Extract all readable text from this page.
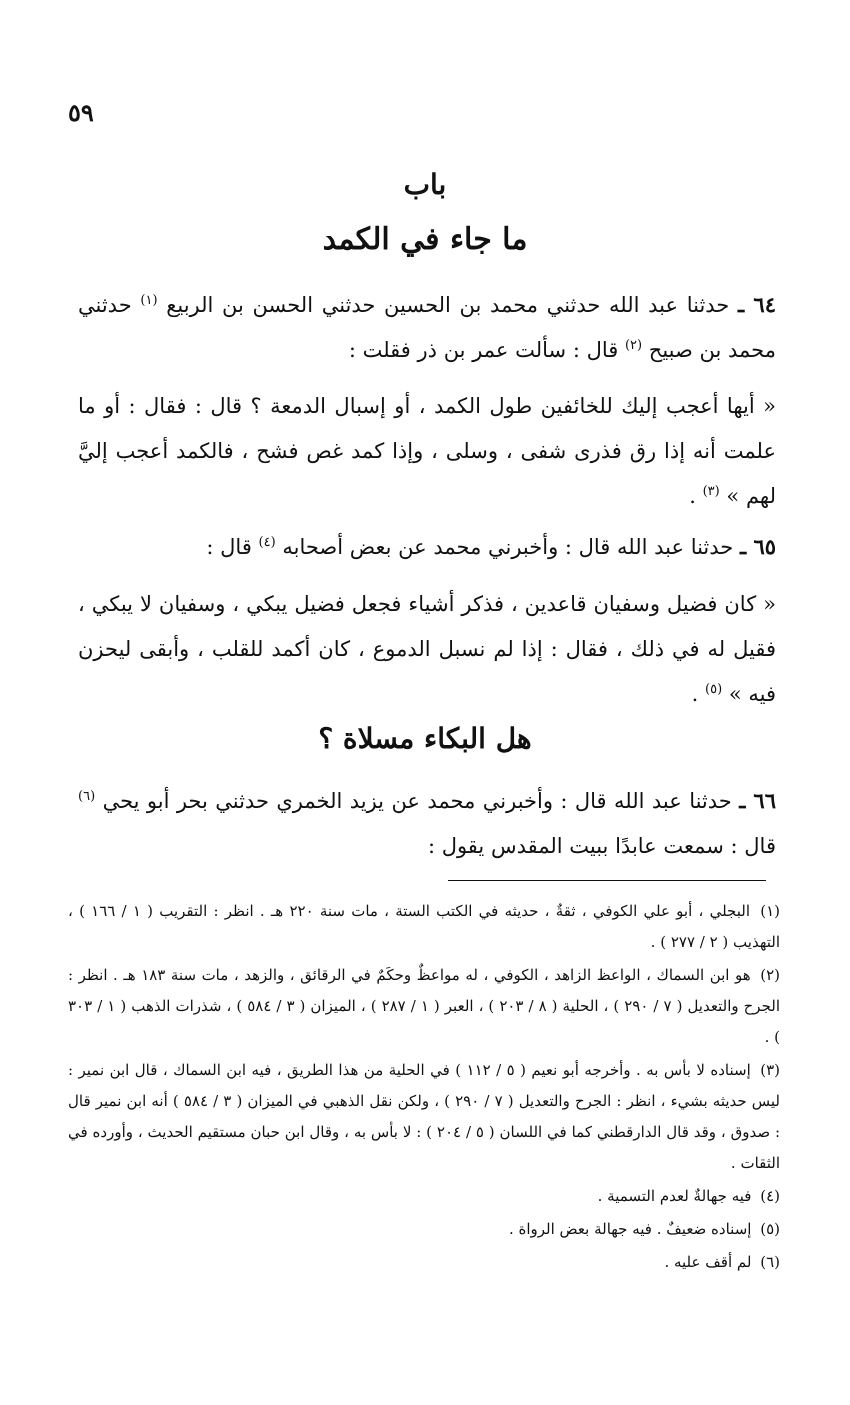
٥٩
باب
ما جاء في الكمد

٦٤ ـ حدثنا عبد الله حدثني محمد بن الحسين حدثني الحسن بن الربيع $^{(١)}$ حدثني محمد بن صبيح $^{(٢)}$ قال : سألت عمر بن ذر فقلت :

« أيها أعجب إليك للخائفين طول الكمد ، أو إسبال الدمعة ؟ قال : فقال : أو ما علمت أنه إذا رق فذرى شفى ، وسلى ، وإذا كمد غص فشح ، فالكمد أعجب إليَّ لهم » $^{(٣)}$ .

٦٥ ـ حدثنا عبد الله قال : وأخبرني محمد عن بعض أصحابه $^{(٤)}$ قال :

« كان فضيل وسفيان قاعدين ، فذكر أشياء فجعل فضيل يبكي ، وسفيان لا يبكي ، فقيل له في ذلك ، فقال : إذا لم نسبل الدموع ، كان أكمد للقلب ، وأبقى ليحزن فيه » $^{(٥)}$ .

هل البكاء مسلاة ؟

٦٦ ـ حدثنا عبد الله قال : وأخبرني محمد عن يزيد الخمري حدثني بحر أبو يحي $^{(٦)}$ قال : سمعت عابدًا ببيت المقدس يقول :

(١) البجلي ، أبو علي الكوفي ، ثقةٌ ، حديثه في الكتب الستة ، مات سنة ٢٢٠ هـ . انظر : التقريب ( ١ / ١٦٦ ) ، التهذيب ( ٢ / ٢٧٧ ) .
(٢) هو ابن السماك ، الواعظ الزاهد ، الكوفي ، له مواعظٌ وحكَمٌ في الرقائق ، والزهد ، مات سنة ١٨٣ هـ . انظر : الجرح والتعديل ( ٧ / ٢٩٠ ) ، الحلية ( ٨ / ٢٠٣ ) ، العبر ( ١ / ٢٨٧ ) ، الميزان ( ٣ / ٥٨٤ ) ، شذرات الذهب ( ١ / ٣٠٣ ) .
(٣) إسناده لا بأس به . وأخرجه أبو نعيم ( ٥ / ١١٢ ) في الحلية من هذا الطريق ، فيه ابن السماك ، قال ابن نمير : ليس حديثه بشيء ، انظر : الجرح والتعديل ( ٧ / ٢٩٠ ) ، ولكن نقل الذهبي في الميزان ( ٣ / ٥٨٤ ) أنه ابن نمير قال : صدوق ، وقد قال الدارقطني كما في اللسان ( ٥ / ٢٠٤ ) : لا بأس به ، وقال ابن حبان مستقيم الحديث ، وأورده في الثقات .
(٤) فيه جهالةٌ لعدم التسمية .
(٥) إسناده ضعيفٌ . فيه جهالة بعض الرواة .
(٦) لم أقف عليه .
